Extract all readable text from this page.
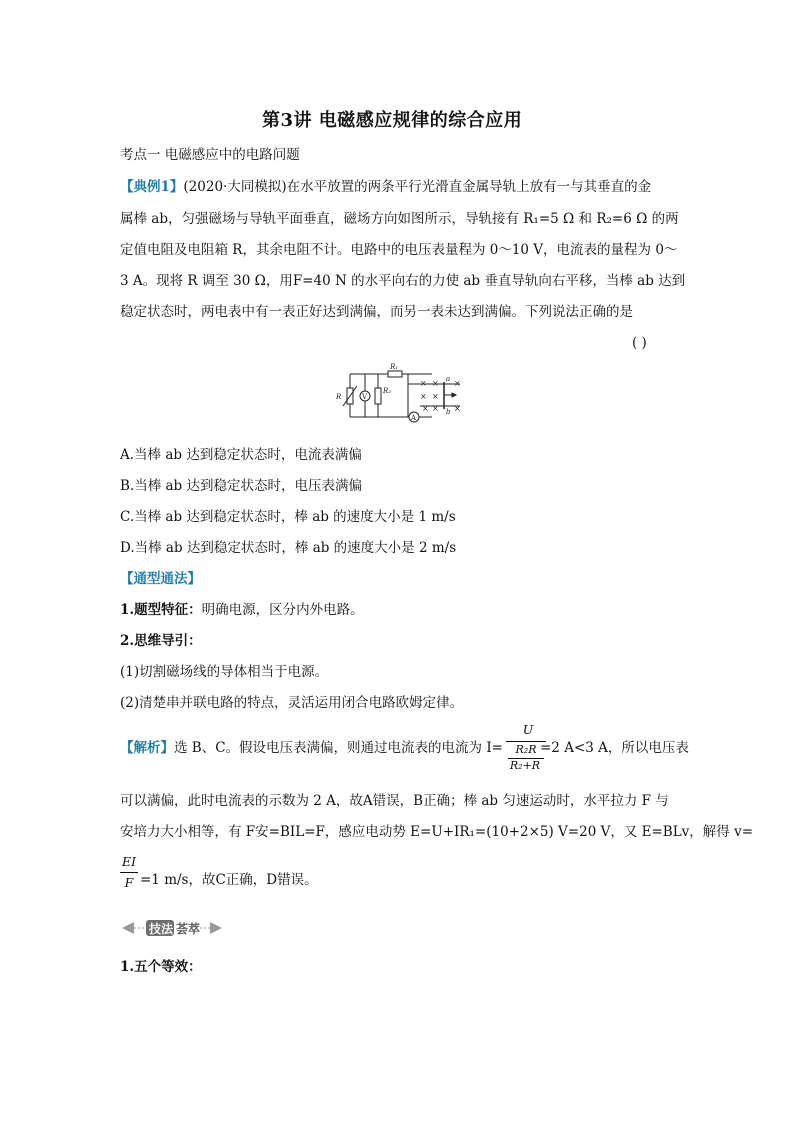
第3讲 电磁感应规律的综合应用
考点一 电磁感应中的电路问题
【典例1】(2020·大同模拟)在水平放置的两条平行光滑直金属导轨上放有一与其垂直的金
属棒 ab，匀强磁场与导轨平面垂直，磁场方向如图所示，导轨接有 R₁=5 Ω 和 R₂=6 Ω 的两
定值电阻及电阻箱 R，其余电阻不计。电路中的电压表量程为 0～10 V，电流表的量程为 0～
3 A。现将 R 调至 30 Ω，用F=40 N 的水平向右的力使 ab 垂直导轨向右平移，当棒 ab 达到
稳定状态时，两电表中有一表正好达到满偏，而另一表未达到满偏。下列说法正确的是
( )
R₁
R₂
R	V
A
a
b
× × ×
× ×
× × ×
A.当棒 ab 达到稳定状态时，电流表满偏
B.当棒 ab 达到稳定状态时，电压表满偏
C.当棒 ab 达到稳定状态时，棒 ab 的速度大小是 1 m/s
D.当棒 ab 达到稳定状态时，棒 ab 的速度大小是 2 m/s
【通型通法】
1.题型特征：明确电源，区分内外电路。
2.思维导引：
(1)切割磁场线的导体相当于电源。
(2)清楚串并联电路的特点，灵活运用闭合电路欧姆定律。
【解析】选 B、C。假设电压表满偏，则通过电流表的电流为 I=
U
R₂R
R₂+R
=2 A<3 A，所以电压表
可以满偏，此时电流表的示数为 2 A，故A错误，B正确；棒 ab 匀速运动时，水平拉力 F 与
安培力大小相等，有 F安=BIL=F，感应电动势 E=U+IR₁=(10+2×5) V=20 V，又 E=BLv，解得 v=
EI
F =1 m/s，故C正确，D错误。
技法 荟萃
1.五个等效：
